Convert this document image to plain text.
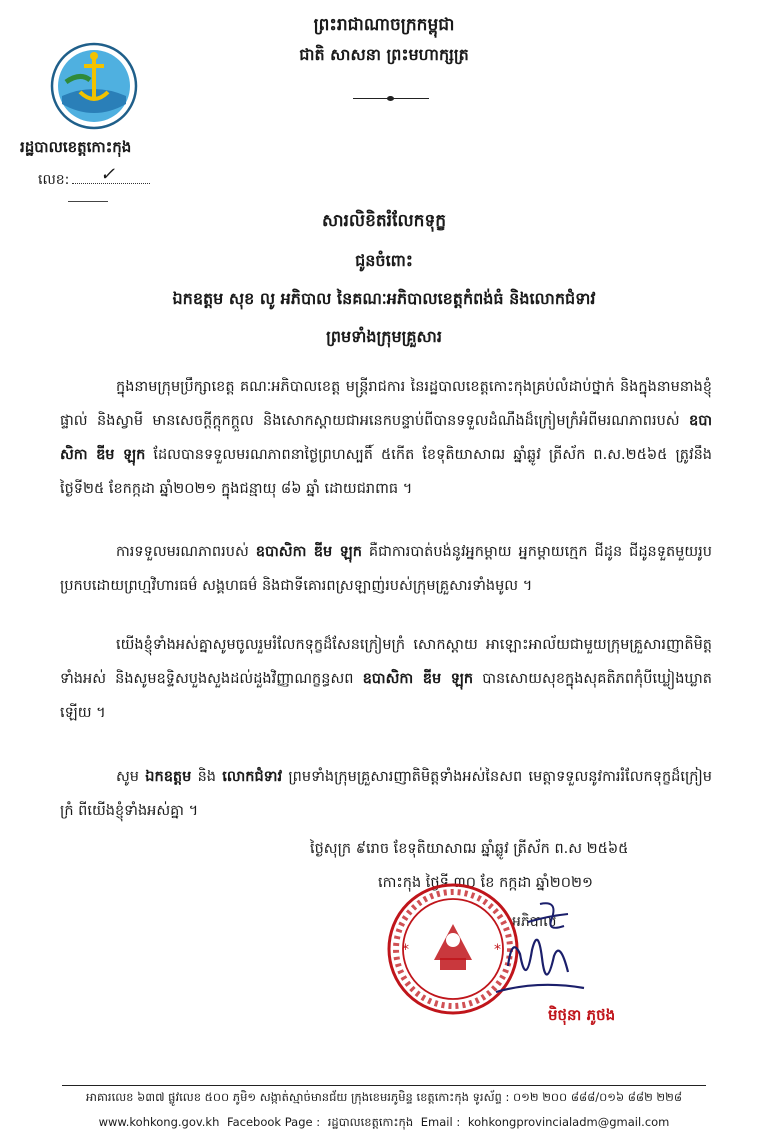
ព្រះរាជាណាចក្រកម្ពុជា
ជាតិ សាសនា ព្រះមហាក្សត្រ
រដ្ឋបាលខេត្តកោះកុង
លេខ: ✓
សារលិខិតរំលែកទុក្ខ
ជូនចំពោះ
ឯកឧត្តម សុខ លូ អភិបាល នៃគណៈអភិបាលខេត្តកំពង់ធំ និងលោកជំទាវ
ព្រមទាំងក្រុមគ្រួសារ
ក្នុងនាមក្រុមប្រឹក្សាខេត្ត គណៈអភិបាលខេត្ត មន្ត្រីរាជការ នៃរដ្ឋបាលខេត្តកោះកុងគ្រប់លំដាប់ថ្នាក់ និងក្នុងនាមនាងខ្ញុំផ្ទាល់ និងស្វាមី មានសេចក្តីក្តុកក្តួល និងសោកស្តាយជាអនេកបន្ទាប់ពីបានទទួលដំណឹងដ៏ក្រៀមក្រំអំពីមរណភាពរបស់ ឧបាសិកា ឌីម ឡុក ដែលបានទទួលមរណភាពនាថ្ងៃព្រហស្បតិ៍ ៥កើត ខែទុតិយាសាឍ ឆ្នាំឆ្លូវ ត្រីស័ក ព.ស.២៥៦៥ ត្រូវនឹងថ្ងៃទី២៥ ខែកក្កដា ឆ្នាំ២០២១ ក្នុងជន្មាយុ ៨៦ ឆ្នាំ ដោយជរាពាធ ។
ការទទួលមរណភាពរបស់ ឧបាសិកា ឌីម ឡុក គឺជាការបាត់បង់នូវអ្នកម្តាយ អ្នកម្តាយក្មេក ជីដូន ជីដូនទួតមួយរូបប្រកបដោយព្រហ្មវិហារធម៌ សង្គហធម៌ និងជាទីគោរពស្រឡាញ់របស់ក្រុមគ្រួសារទាំងមូល ។
យើងខ្ញុំទាំងអស់គ្នាសូមចូលរួមរំលែកទុក្ខដ៏សែនក្រៀមក្រំ សោកស្តាយ អាឡោះអាល័យជាមួយក្រុមគ្រួសារញាតិមិត្តទាំងអស់ និងសូមឧទ្ទិសបួងសួងដល់ដួងវិញ្ញាណក្ខន្ធសព ឧបាសិកា ឌីម ឡុក បានសោយសុខក្នុងសុគតិភពកុំបីឃ្លៀងឃ្លាតឡើយ ។
សូម ឯកឧត្តម និង លោកជំទាវ ព្រមទាំងក្រុមគ្រួសារញាតិមិត្តទាំងអស់នៃសព មេត្តាទទួលនូវការរំលែកទុក្ខដ៏ក្រៀមក្រំ ពីយើងខ្ញុំទាំងអស់គ្នា ។
ថ្ងៃសុក្រ ៩រោច ខែទុតិយាសាឍ ឆ្នាំឆ្លូវ ត្រីស័ក ព.ស ២៥៦៥
កោះកុង ថ្ងៃទី ៣០ ខែ កក្កដា ឆ្នាំ២០២១
អភិបាល
*	*
មិថុនា ភូថង
អាគារលេខ ៦៣៧ ផ្លូវលេខ ៥០០ ភូមិ១ សង្កាត់ស្មាច់មានជ័យ ក្រុងខេមរភូមិន្ទ ខេត្តកោះកុង ទូរស័ព្ទ : ០១២ ២០០ ៨៨៨/០១៦ ៨៨២ ២២៨
www.kohkong.gov.kh Facebook Page : រដ្ឋបាលខេត្តកោះកុង Email : kohkongprovincialadm@gmail.com
